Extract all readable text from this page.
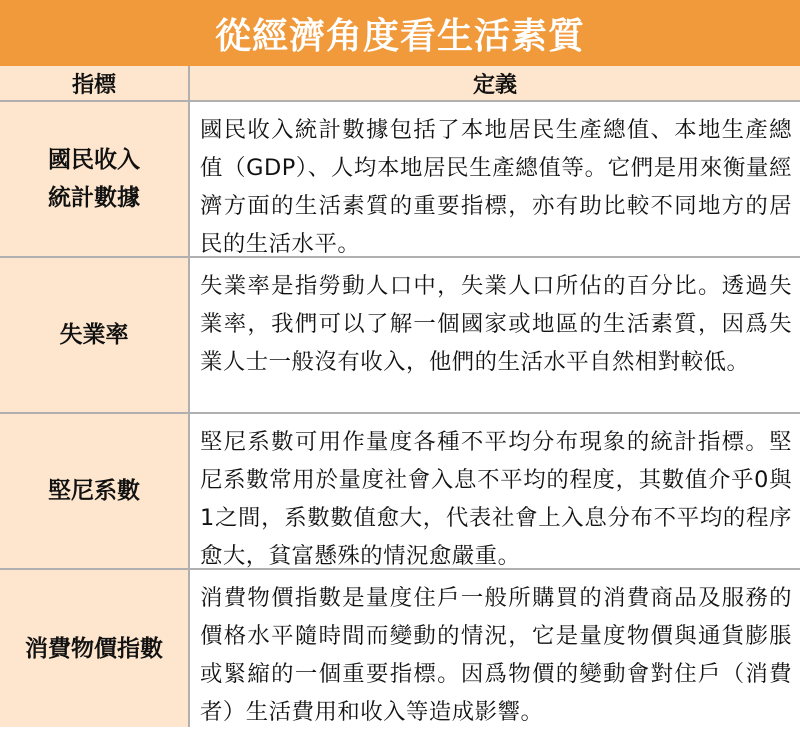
從經濟角度看生活素質
指標	定義
國民收入統計數據
國民收入統計數據包括了本地居民生產總值、本地生產總值（GDP）、人均本地居民生產總值等。它們是用來衡量經濟方面的生活素質的重要指標，亦有助比較不同地方的居民的生活水平。
失業率
失業率是指勞動人口中，失業人口所佔的百分比。透過失業率，我們可以了解一個國家或地區的生活素質，因爲失業人士一般沒有收入，他們的生活水平自然相對較低。
堅尼系數
堅尼系數可用作量度各種不平均分布現象的統計指標。堅尼系數常用於量度社會入息不平均的程度，其數值介乎0與1之間，系數數值愈大，代表社會上入息分布不平均的程序愈大，貧富懸殊的情況愈嚴重。
消費物價指數
消費物價指數是量度住戶一般所購買的消費商品及服務的價格水平隨時間而變動的情況，它是量度物價與通貨膨脹或緊縮的一個重要指標。因爲物價的變動會對住戶（消費者）生活費用和收入等造成影響。
